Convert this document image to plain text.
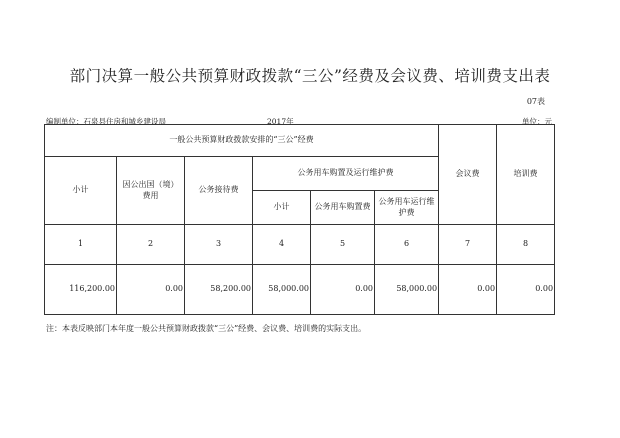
部门决算一般公共预算财政拨款“三公”经费及会议费、培训费支出表
07表
编制单位：石泉县住房和城乡建设局	2017年	单位：元
一般公共预算财政拨款安排的“三公”经费						会议费	培训费
小计	因公出国（境）费用	公务接待费	公务用车购置及运行维护费				
			小计	公务用车购置费	公务用车运行维护费		
1	2	3	4	5	6	7	8
116,200.00	0.00	58,200.00	58,000.00	0.00	58,000.00	0.00	0.00
注：本表反映部门本年度一般公共预算财政拨款“三公”经费、会议费、培训费的实际支出。
